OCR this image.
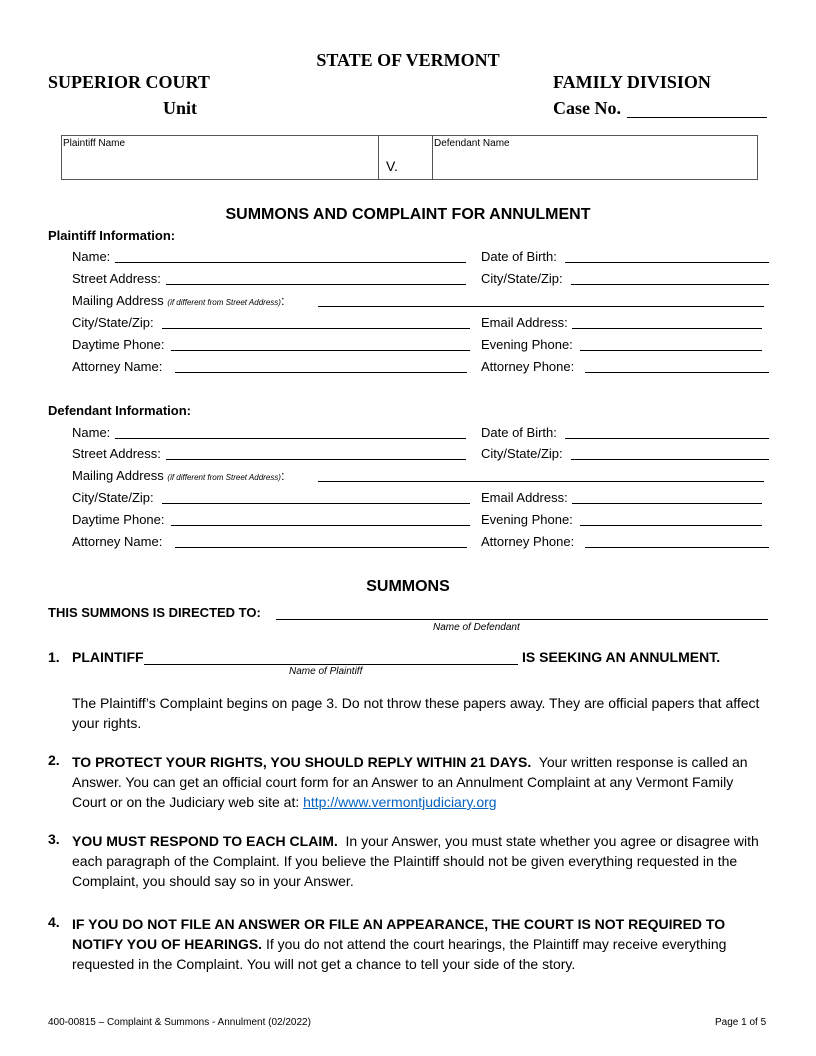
STATE OF VERMONT
SUPERIOR COURT
Unit
FAMILY DIVISION
Case No.
Plaintiff Name
V.
Defendant Name
SUMMONS AND COMPLAINT FOR ANNULMENT
Plaintiff Information:
Name:	Date of Birth:
Street Address:	City/State/Zip:
Mailing Address (if different from Street Address):
City/State/Zip:	Email Address:
Daytime Phone:	Evening Phone:
Attorney Name:	Attorney Phone:
Defendant Information:
Name:	Date of Birth:
Street Address:	City/State/Zip:
Mailing Address (if different from Street Address):
City/State/Zip:	Email Address:
Daytime Phone:	Evening Phone:
Attorney Name:	Attorney Phone:
SUMMONS
THIS SUMMONS IS DIRECTED TO:
Name of Defendant
1. PLAINTIFF	IS SEEKING AN ANNULMENT.
Name of Plaintiff
The Plaintiff’s Complaint begins on page 3. Do not throw these papers away. They are official papers that affect your rights.
2. TO PROTECT YOUR RIGHTS, YOU SHOULD REPLY WITHIN 21 DAYS. Your written response is called an Answer. You can get an official court form for an Answer to an Annulment Complaint at any Vermont Family Court or on the Judiciary web site at: http://www.vermontjudiciary.org
3. YOU MUST RESPOND TO EACH CLAIM. In your Answer, you must state whether you agree or disagree with each paragraph of the Complaint. If you believe the Plaintiff should not be given everything requested in the Complaint, you should say so in your Answer.
4. IF YOU DO NOT FILE AN ANSWER OR FILE AN APPEARANCE, THE COURT IS NOT REQUIRED TO NOTIFY YOU OF HEARINGS. If you do not attend the court hearings, the Plaintiff may receive everything requested in the Complaint. You will not get a chance to tell your side of the story.
400-00815 – Complaint & Summons - Annulment (02/2022)	Page 1 of 5
